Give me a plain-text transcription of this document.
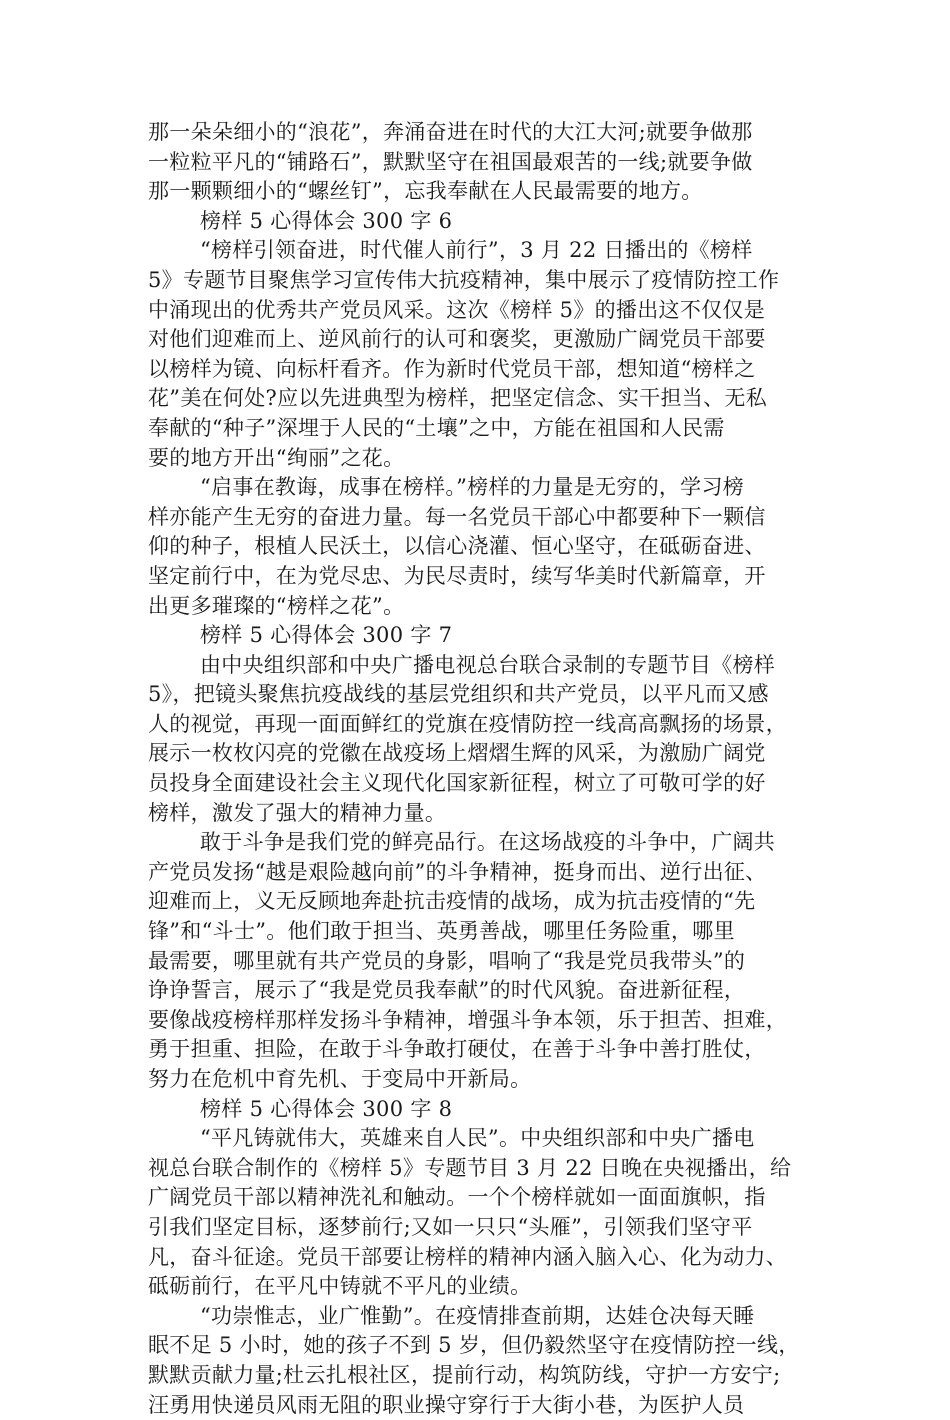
那一朵朵细小的“浪花”，奔涌奋进在时代的大江大河;就要争做那
一粒粒平凡的“铺路石”，默默坚守在祖国最艰苦的一线;就要争做
那一颗颗细小的“螺丝钉”，忘我奉献在人民最需要的地方。
榜样 5 心得体会 300 字 6
“榜样引领奋进，时代催人前行”，3 月 22 日播出的《榜样
5》专题节目聚焦学习宣传伟大抗疫精神，集中展示了疫情防控工作
中涌现出的优秀共产党员风采。这次《榜样 5》的播出这不仅仅是
对他们迎难而上、逆风前行的认可和褒奖，更激励广阔党员干部要
以榜样为镜、向标杆看齐。作为新时代党员干部，想知道“榜样之
花”美在何处?应以先进典型为榜样，把坚定信念、实干担当、无私
奉献的“种子”深埋于人民的“土壤”之中，方能在祖国和人民需
要的地方开出“绚丽”之花。
“启事在教诲，成事在榜样。”榜样的力量是无穷的，学习榜
样亦能产生无穷的奋进力量。每一名党员干部心中都要种下一颗信
仰的种子，根植人民沃土，以信心浇灌、恒心坚守，在砥砺奋进、
坚定前行中，在为党尽忠、为民尽责时，续写华美时代新篇章，开
出更多璀璨的“榜样之花”。
榜样 5 心得体会 300 字 7
由中央组织部和中央广播电视总台联合录制的专题节目《榜样
5》，把镜头聚焦抗疫战线的基层党组织和共产党员，以平凡而又感
人的视觉，再现一面面鲜红的党旗在疫情防控一线高高飘扬的场景，
展示一枚枚闪亮的党徽在战疫场上熠熠生辉的风采，为激励广阔党
员投身全面建设社会主义现代化国家新征程，树立了可敬可学的好
榜样，激发了强大的精神力量。
敢于斗争是我们党的鲜亮品行。在这场战疫的斗争中，广阔共
产党员发扬“越是艰险越向前”的斗争精神，挺身而出、逆行出征、
迎难而上，义无反顾地奔赴抗击疫情的战场，成为抗击疫情的“先
锋”和“斗士”。他们敢于担当、英勇善战，哪里任务险重，哪里
最需要，哪里就有共产党员的身影，唱响了“我是党员我带头”的
诤诤誓言，展示了“我是党员我奉献”的时代风貌。奋进新征程，
要像战疫榜样那样发扬斗争精神，增强斗争本领，乐于担苦、担难，
勇于担重、担险，在敢于斗争敢打硬仗，在善于斗争中善打胜仗，
努力在危机中育先机、于变局中开新局。
榜样 5 心得体会 300 字 8
“平凡铸就伟大，英雄来自人民”。中央组织部和中央广播电
视总台联合制作的《榜样 5》专题节目 3 月 22 日晚在央视播出，给
广阔党员干部以精神洗礼和触动。一个个榜样就如一面面旗帜，指
引我们坚定目标，逐梦前行;又如一只只“头雁”，引领我们坚守平
凡，奋斗征途。党员干部要让榜样的精神内涵入脑入心、化为动力、
砥砺前行，在平凡中铸就不平凡的业绩。
“功崇惟志，业广惟勤”。在疫情排查前期，达娃仓决每天睡
眠不足 5 小时，她的孩子不到 5 岁，但仍毅然坚守在疫情防控一线，
默默贡献力量;杜云扎根社区，提前行动，构筑防线，守护一方安宁;
汪勇用快递员风雨无阻的职业操守穿行于大街小巷，为医护人员
